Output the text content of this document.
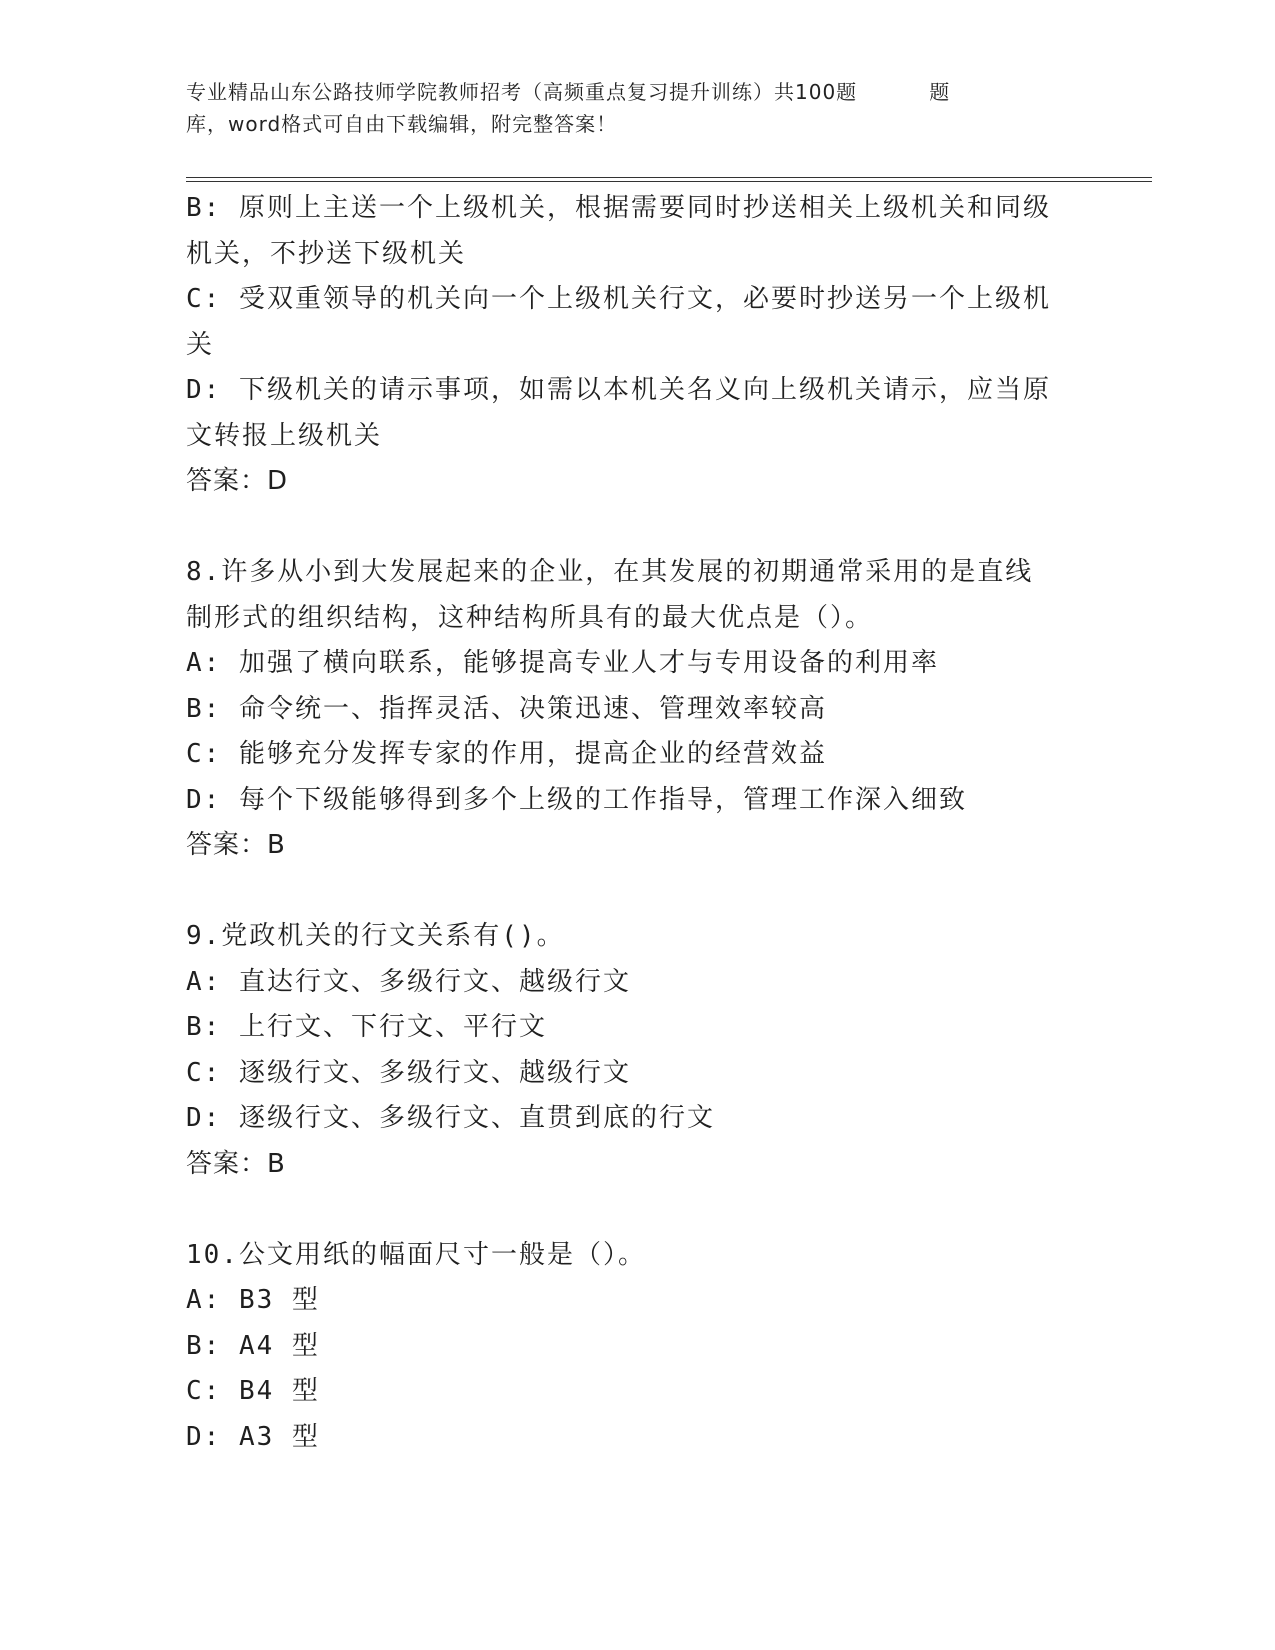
专业精品山东公路技师学院教师招考（高频重点复习提升训练）共100题	题
库，word格式可自由下载编辑，附完整答案！
B: 原则上主送一个上级机关，根据需要同时抄送相关上级机关和同级
机关，不抄送下级机关
C: 受双重领导的机关向一个上级机关行文，必要时抄送另一个上级机
关
D: 下级机关的请示事项，如需以本机关名义向上级机关请示，应当原
文转报上级机关
答案：D
8.许多从小到大发展起来的企业，在其发展的初期通常采用的是直线
制形式的组织结构，这种结构所具有的最大优点是（）。
A: 加强了横向联系，能够提高专业人才与专用设备的利用率
B: 命令统一、指挥灵活、决策迅速、管理效率较高
C: 能够充分发挥专家的作用，提高企业的经营效益
D: 每个下级能够得到多个上级的工作指导，管理工作深入细致
答案：B
9.党政机关的行文关系有()。
A: 直达行文、多级行文、越级行文
B: 上行文、下行文、平行文
C: 逐级行文、多级行文、越级行文
D: 逐级行文、多级行文、直贯到底的行文
答案：B
10.公文用纸的幅面尺寸一般是（）。
A: B3 型
B: A4 型
C: B4 型
D: A3 型
